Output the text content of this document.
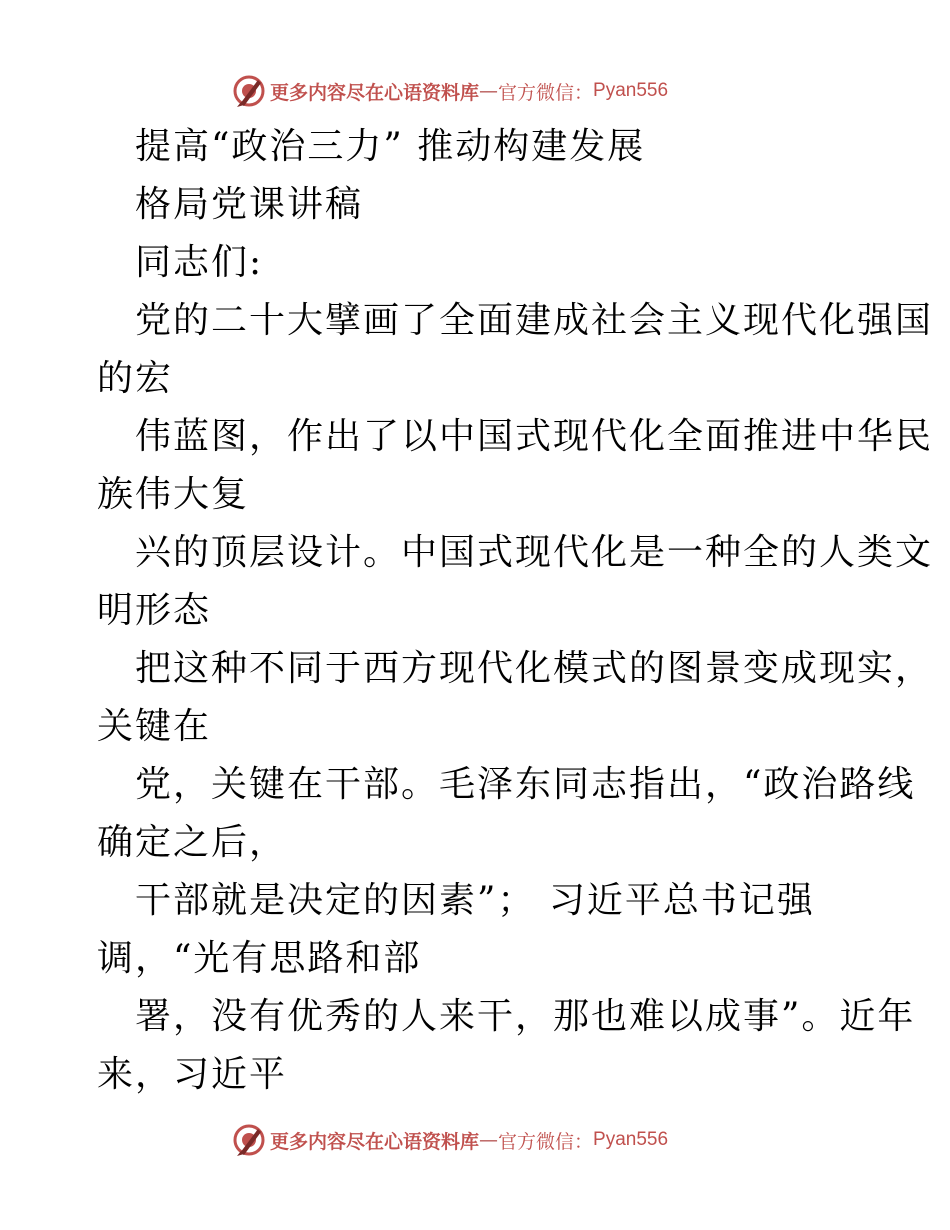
更多内容尽在心语资料库 — 官方微信： Pyan556
提高“政治三力” 推动构建发展
格局党课讲稿
同志们:
党的二十大擘画了全面建成社会主义现代化强国
的宏
伟蓝图，作出了以中国式现代化全面推进中华民
族伟大复
兴的顶层设计。中国式现代化是一种全的人类文
明形态
把这种不同于西方现代化模式的图景变成现实，
关键在
党，关键在干部。毛泽东同志指出，“政治路线
确定之后，
干部就是决定的因素”； 习近平总书记强
调，“光有思路和部
署，没有优秀的人来干，那也难以成事”。近年
来，习近平
更多内容尽在心语资料库 — 官方微信： Pyan556
